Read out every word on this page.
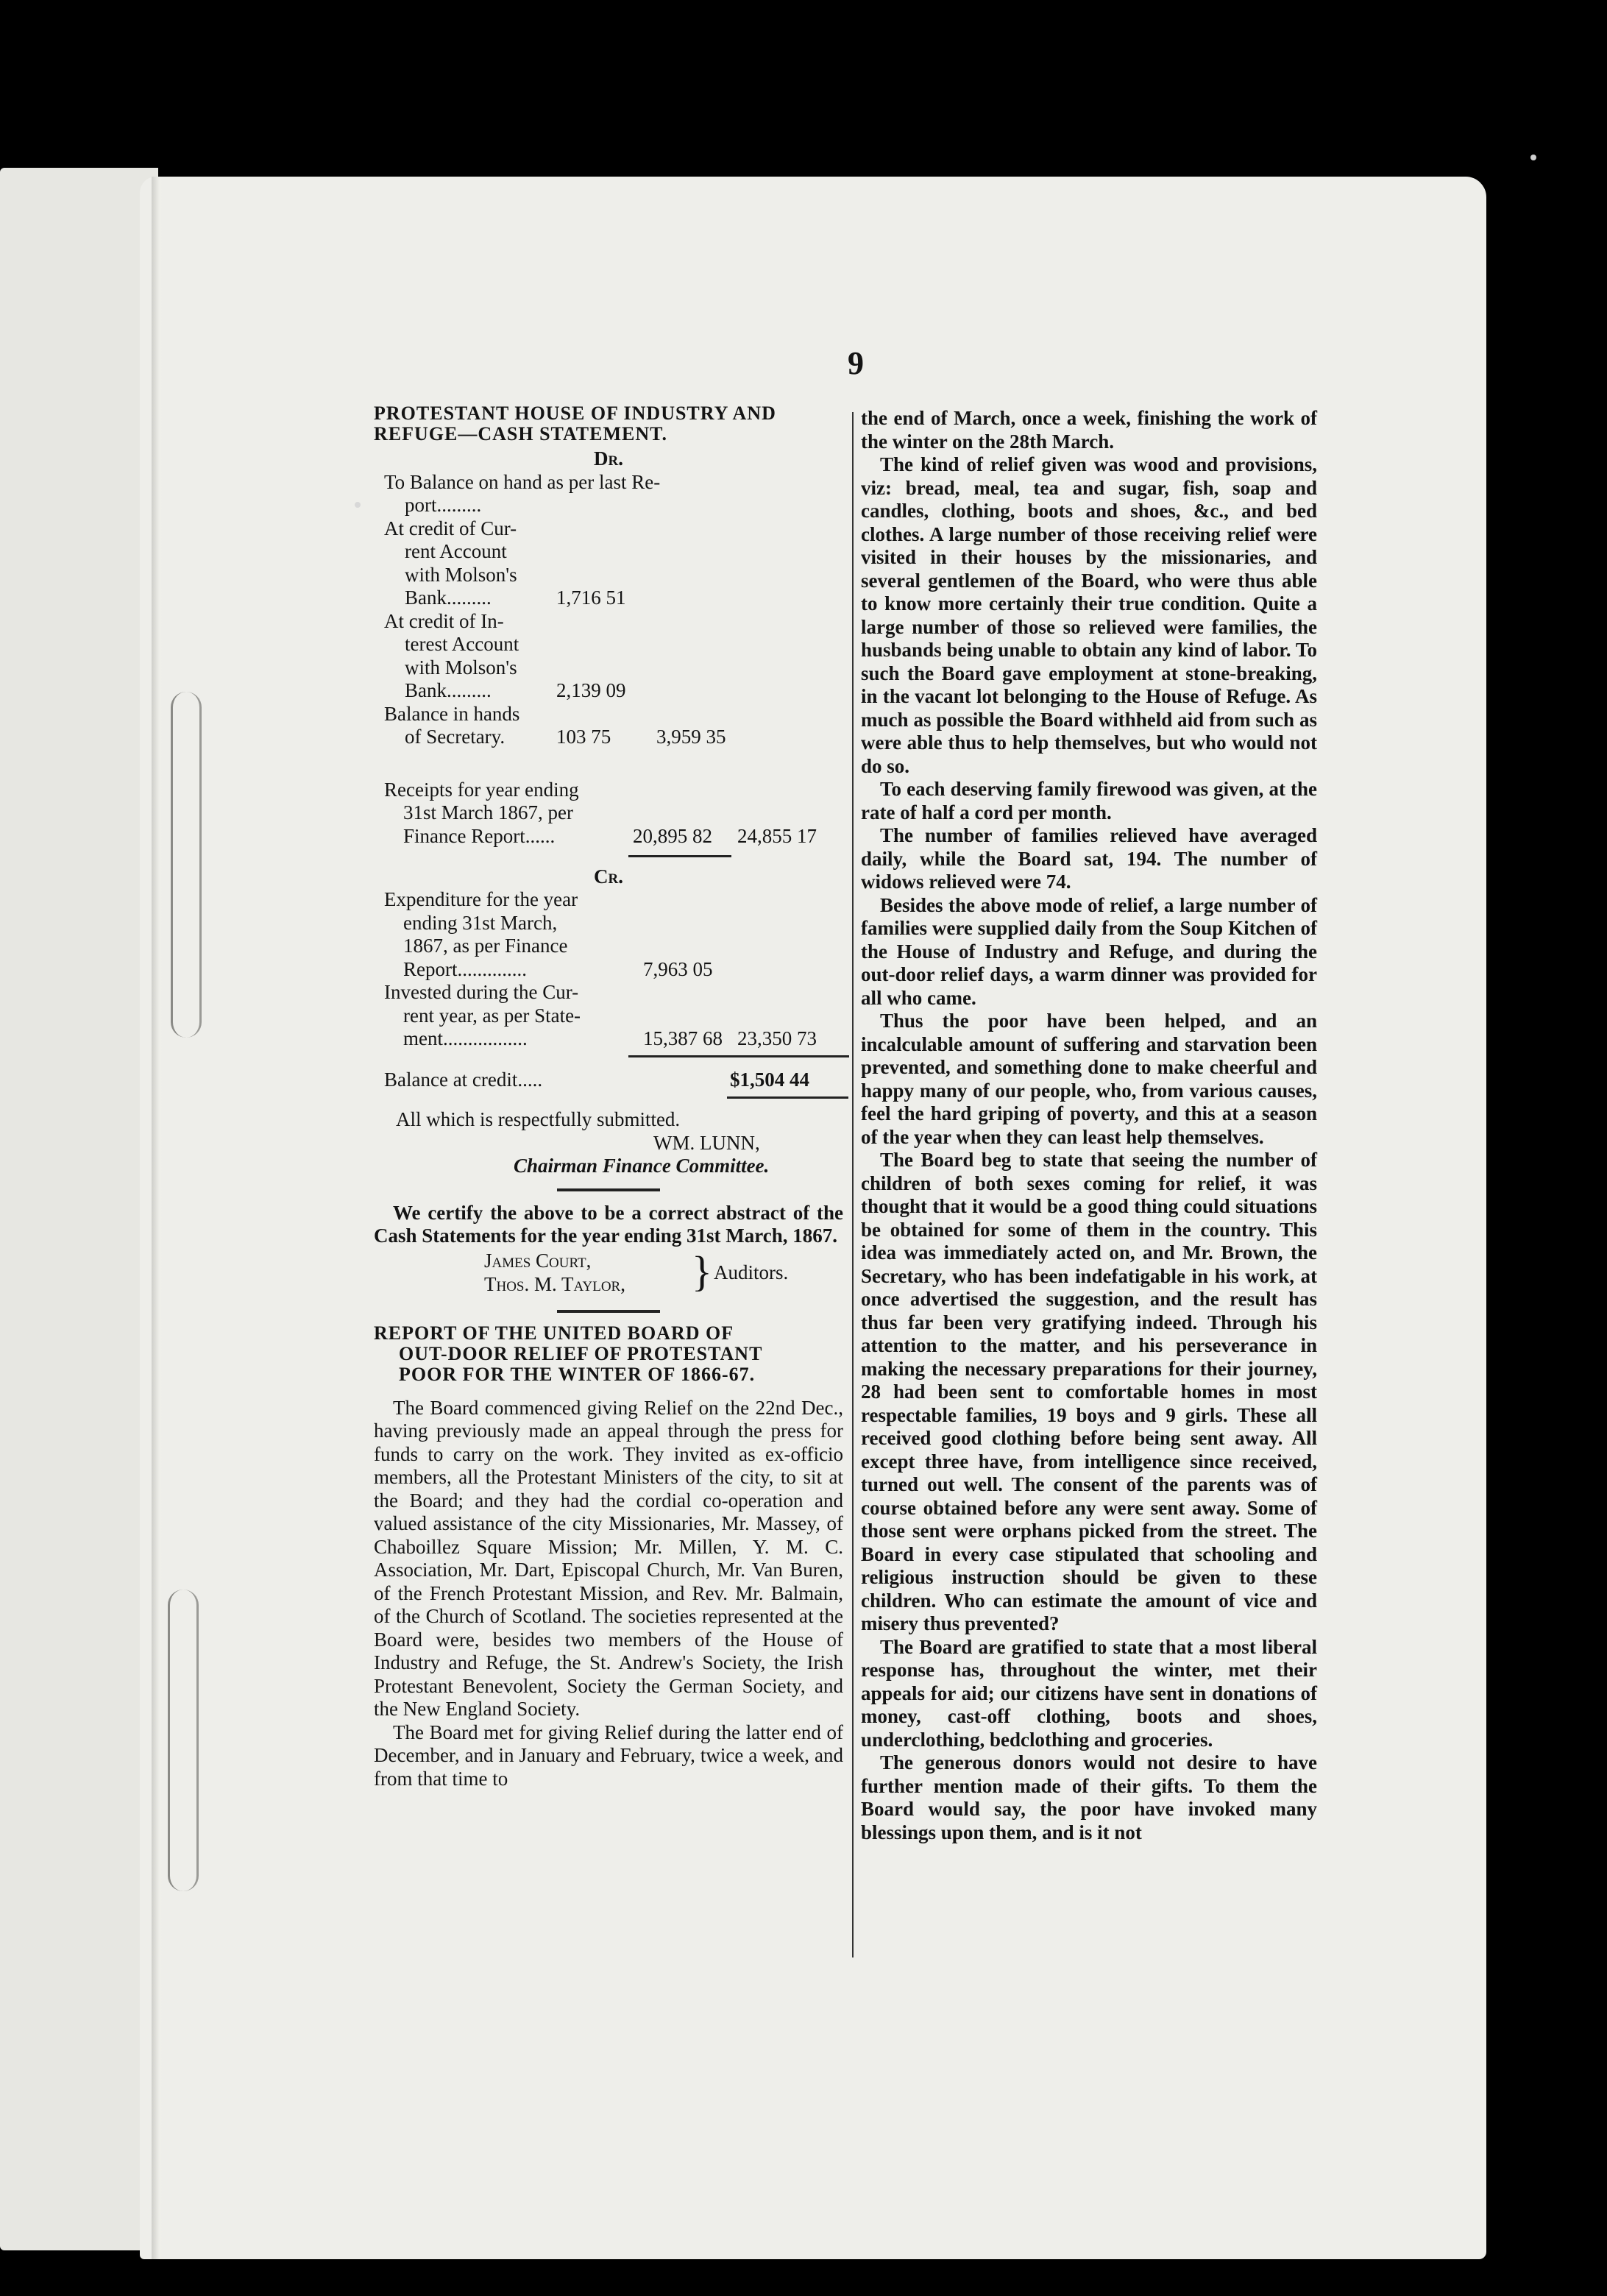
9

PROTESTANT HOUSE OF INDUSTRY AND

REFUGE—CASH STATEMENT.

Dr.
To Balance on hand as per last Re-
port.........
At credit of Cur-
rent Account
with Molson's
Bank.........	1,716 51
At credit of In-
terest Account
with Molson's
Bank.........	2,139 09
Balance in hands
of Secretary.	103 75 3,959 35
Receipts for year ending
31st March 1867, per
Finance Report......	20,895 82 24,855 17
Cr.
Expenditure for the year
ending 31st March,
1867, as per Finance
Report..............	7,963 05
Invested during the Cur-
rent year, as per State-
ment.................	15,387 68 23,350 73
Balance at credit.....	$1,504 44
All which is respectfully submitted.
WM. LUNN,
Chairman Finance Committee.

We certify the above to be a correct abstract of the Cash Statements for the year ending 31st March, 1867.

James Court,
Thos. M. Taylor, } Auditors.

REPORT OF THE UNITED BOARD OF

OUT-DOOR RELIEF OF PROTESTANT

POOR FOR THE WINTER OF 1866-67.

The Board commenced giving Relief on the 22nd Dec., having previously made an appeal through the press for funds to carry on the work. They invited as ex-officio members, all the Protestant Ministers of the city, to sit at the Board; and they had the cordial co-operation and valued assistance of the city Missionaries, Mr. Massey, of Chaboillez Square Mission; Mr. Millen, Y. M. C. Association, Mr. Dart, Episcopal Church, Mr. Van Buren, of the French Protestant Mission, and Rev. Mr. Balmain, of the Church of Scotland. The societies represented at the Board were, besides two members of the House of Industry and Refuge, the St. Andrew's Society, the Irish Protestant Benevolent, Society the German Society, and the New England Society.

The Board met for giving Relief during the latter end of December, and in January and February, twice a week, and from that time to

the end of March, once a week, finishing the work of the winter on the 28th March.

The kind of relief given was wood and provisions, viz: bread, meal, tea and sugar, fish, soap and candles, clothing, boots and shoes, &c., and bed clothes. A large number of those receiving relief were visited in their houses by the missionaries, and several gentlemen of the Board, who were thus able to know more certainly their true condition. Quite a large number of those so relieved were families, the husbands being unable to obtain any kind of labor. To such the Board gave employment at stone-breaking, in the vacant lot belonging to the House of Refuge. As much as possible the Board withheld aid from such as were able thus to help themselves, but who would not do so.

To each deserving family firewood was given, at the rate of half a cord per month.

The number of families relieved have averaged daily, while the Board sat, 194. The number of widows relieved were 74.

Besides the above mode of relief, a large number of families were supplied daily from the Soup Kitchen of the House of Industry and Refuge, and during the out-door relief days, a warm dinner was provided for all who came.

Thus the poor have been helped, and an incalculable amount of suffering and starvation been prevented, and something done to make cheerful and happy many of our people, who, from various causes, feel the hard griping of poverty, and this at a season of the year when they can least help themselves.

The Board beg to state that seeing the number of children of both sexes coming for relief, it was thought that it would be a good thing could situations be obtained for some of them in the country. This idea was immediately acted on, and Mr. Brown, the Secretary, who has been indefatigable in his work, at once advertised the suggestion, and the result has thus far been very gratifying indeed. Through his attention to the matter, and his perseverance in making the necessary preparations for their journey, 28 had been sent to comfortable homes in most respectable families, 19 boys and 9 girls. These all received good clothing before being sent away. All except three have, from intelligence since received, turned out well. The consent of the parents was of course obtained before any were sent away. Some of those sent were orphans picked from the street. The Board in every case stipulated that schooling and religious instruction should be given to these children. Who can estimate the amount of vice and misery thus prevented?

The Board are gratified to state that a most liberal response has, throughout the winter, met their appeals for aid; our citizens have sent in donations of money, cast-off clothing, boots and shoes, underclothing, bedclothing and groceries.

The generous donors would not desire to have further mention made of their gifts. To them the Board would say, the poor have invoked many blessings upon them, and is it not
